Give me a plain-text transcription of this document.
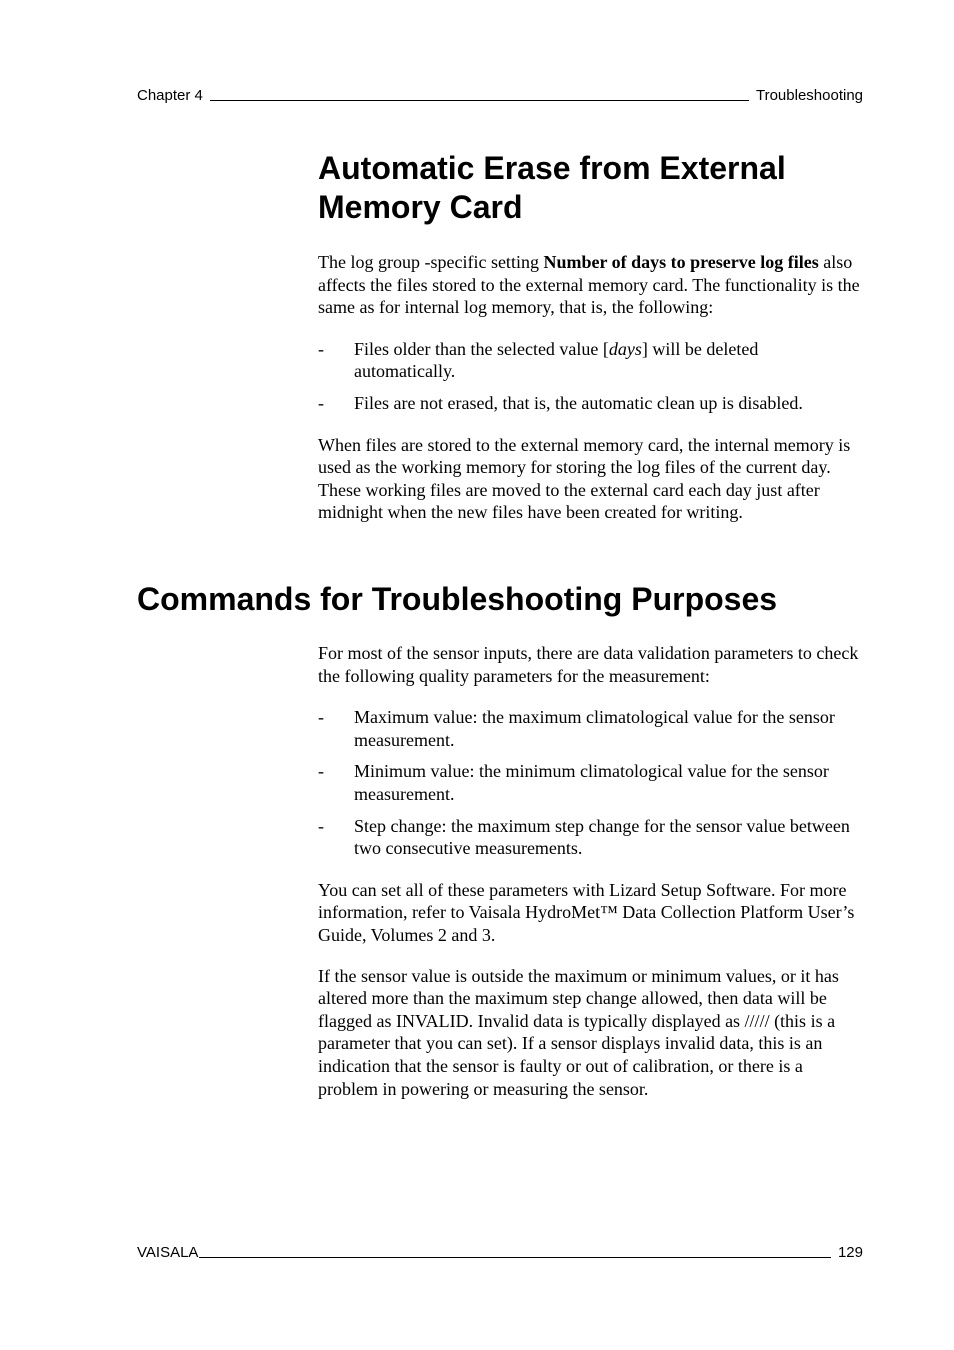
Chapter 4	Troubleshooting
Automatic Erase from External Memory Card

The log group -specific setting Number of days to preserve log files also affects the files stored to the external memory card. The functionality is the same as for internal log memory, that is, the following:

-	Files older than the selected value [days] will be deleted automatically.
-	Files are not erased, that is, the automatic clean up is disabled.

When files are stored to the external memory card, the internal memory is used as the working memory for storing the log files of the current day. These working files are moved to the external card each day just after midnight when the new files have been created for writing.

Commands for Troubleshooting Purposes

For most of the sensor inputs, there are data validation parameters to check the following quality parameters for the measurement:

-	Maximum value: the maximum climatological value for the sensor measurement.
-	Minimum value: the minimum climatological value for the sensor measurement.
-	Step change: the maximum step change for the sensor value between two consecutive measurements.

You can set all of these parameters with Lizard Setup Software. For more information, refer to Vaisala HydroMet™ Data Collection Platform User’s Guide, Volumes 2 and 3.

If the sensor value is outside the maximum or minimum values, or it has altered more than the maximum step change allowed, then data will be flagged as INVALID. Invalid data is typically displayed as ///// (this is a parameter that you can set). If a sensor displays invalid data, this is an indication that the sensor is faulty or out of calibration, or there is a problem in powering or measuring the sensor.

VAISALA	129
